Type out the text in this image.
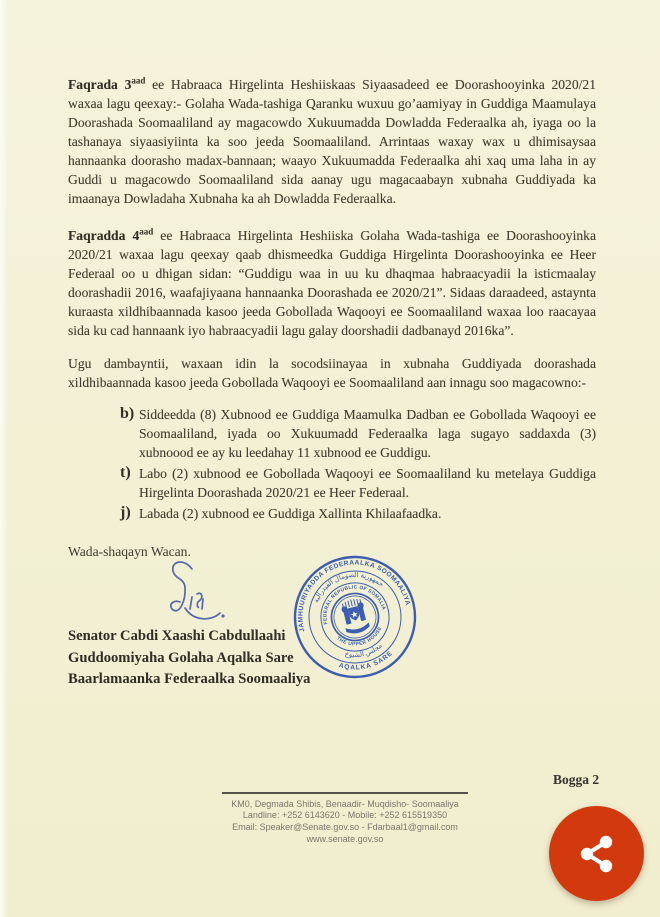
Faqrada $3^{aad}$ ee Habraaca Hirgelinta Heshiiskaas Siyaasadeed ee Doorashooyinka 2020/21 waxaa lagu qeexay:- Golaha Wada-tashiga Qaranku wuxuu go’aamiyay in Guddiga Maamulaya Doorashada Soomaaliland ay magacowdo Xukuumadda Dowladda Federaalka ah, iyaga oo la tashanaya siyaasiyiinta ka soo jeeda Soomaaliland. Arrintaas waxay wax u dhimisaysaa hannaanka doorasho madax-bannaan; waayo Xukuumadda Federaalka ahi xaq uma laha in ay Guddi u magacowdo Soomaaliland sida aanay ugu magacaabayn xubnaha Guddiyada ka imaanaya Dowladaha Xubnaha ka ah Dowladda Federaalka.
Faqradda $4^{aad}$ ee Habraaca Hirgelinta Heshiiska Golaha Wada-tashiga ee Doorashooyinka 2020/21 waxaa lagu qeexay qaab dhismeedka Guddiga Hirgelinta Doorashooyinka ee Heer Federaal oo u dhigan sidan: “Guddigu waa in uu ku dhaqmaa habraacyadii la isticmaalay doorashadii 2016, waafajiyaana hannaanka Doorashada ee 2020/21”. Sidaas daraadeed, astaynta kuraasta xildhibaannada kasoo jeeda Gobollada Waqooyi ee Soomaaliland waxaa loo raacayaa sida ku cad hannaank iyo habraacyadii lagu galay doorshadii dadbanayd 2016ka”.
Ugu dambayntii, waxaan idin la socodsiinayaa in xubnaha Guddiyada doorashada xildhibaannada kasoo jeeda Gobollada Waqooyi ee Soomaaliland aan innagu soo magacowno:-
b) Siddeedda (8) Xubnood ee Guddiga Maamulka Dadban ee Gobollada Waqooyi ee Soomaaliland, iyada oo Xukuumadd Federaalka laga sugayo saddaxda (3) xubnoood ee ay ku leedahay 11 xubnood ee Guddigu.
t) Labo (2) xubnood ee Gobollada Waqooyi ee Soomaaliland ku metelaya Guddiga Hirgelinta Doorashada 2020/21 ee Heer Federaal.
j) Labada (2) xubnood ee Guddiga Xallinta Khilaafaadka.
Wada-shaqayn Wacan.
Senator Cabdi Xaashi Cabdullaahi
Guddoomiyaha Golaha Aqalka Sare
Baarlamaanka Federaalka Soomaaliya
JAMHUURIYADDA FEDERAALKA SOOMAALIYA
AQALKA SARE
جمهورية الصومال الفيدرالية
مجلس الشيوخ
FEDERAL REPUBLIC OF SOMALIA
THE UPPER HOUSE
Bogga 2
KM0, Degmada Shibis, Benaadir- Muqdisho- Soomaaliya
Landline: +252 6143620 - Mobile: +252 615519350
Email: Speaker@Senate.gov.so - Fdarbaal1@gmail.com
www.senate.gov.so
